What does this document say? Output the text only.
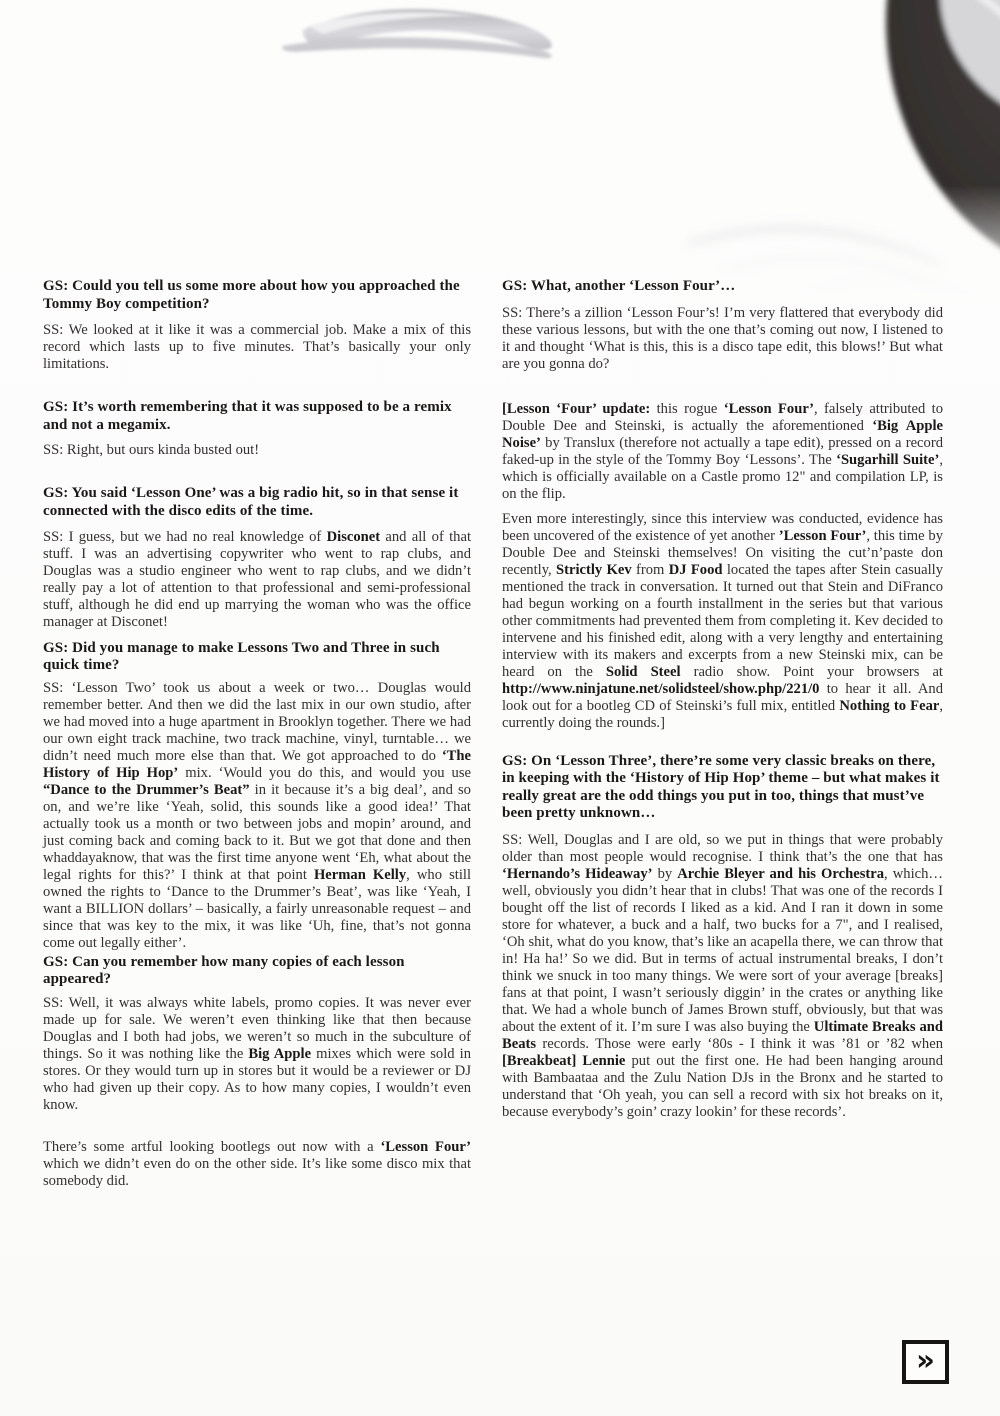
GS: Could you tell us some more about how you approached the Tommy Boy competition?

SS: We looked at it like it was a commercial job. Make a mix of this record which lasts up to five minutes. That’s basically your only limitations.

GS: It’s worth remembering that it was supposed to be a remix and not a megamix.

SS: Right, but ours kinda busted out!

GS: You said ‘Lesson One’ was a big radio hit, so in that sense it connected with the disco edits of the time.

SS: I guess, but we had no real knowledge of Disconet and all of that stuff. I was an advertising copywriter who went to rap clubs, and Douglas was a studio engineer who went to rap clubs, and we didn’t really pay a lot of attention to that professional and semi-professional stuff, although he did end up marrying the woman who was the office manager at Disconet!

GS: Did you manage to make Lessons Two and Three in such quick time?

SS: ‘Lesson Two’ took us about a week or two… Douglas would remember better. And then we did the last mix in our own studio, after we had moved into a huge apartment in Brooklyn together. There we had our own eight track machine, two track machine, vinyl, turntable… we didn’t need much more else than that. We got approached to do ‘The History of Hip Hop’ mix. ‘Would you do this, and would you use “Dance to the Drummer’s Beat” in it because it’s a big deal’, and so on, and we’re like ‘Yeah, solid, this sounds like a good idea!’ That actually took us a month or two between jobs and mopin’ around, and just coming back and coming back to it. But we got that done and then whaddayaknow, that was the first time anyone went ‘Eh, what about the legal rights for this?’ I think at that point Herman Kelly, who still owned the rights to ‘Dance to the Drummer’s Beat’, was like ‘Yeah, I want a BILLION dollars’ – basically, a fairly unreasonable request – and since that was key to the mix, it was like ‘Uh, fine, that’s not gonna come out legally either’.

GS: Can you remember how many copies of each lesson appeared?

SS: Well, it was always white labels, promo copies. It was never ever made up for sale. We weren’t even thinking like that then because Douglas and I both had jobs, we weren’t so much in the subculture of things. So it was nothing like the Big Apple mixes which were sold in stores. Or they would turn up in stores but it would be a reviewer or DJ who had given up their copy. As to how many copies, I wouldn’t even know.

There’s some artful looking bootlegs out now with a ‘Lesson Four’ which we didn’t even do on the other side. It’s like some disco mix that somebody did.

GS: What, another ‘Lesson Four’…

SS: There’s a zillion ‘Lesson Four’s! I’m very flattered that everybody did these various lessons, but with the one that’s coming out now, I listened to it and thought ‘What is this, this is a disco tape edit, this blows!’ But what are you gonna do?

[Lesson ‘Four’ update: this rogue ‘Lesson Four’, falsely attributed to Double Dee and Steinski, is actually the aforementioned ‘Big Apple Noise’ by Translux (therefore not actually a tape edit), pressed on a record faked-up in the style of the Tommy Boy ‘Lessons’. The ‘Sugarhill Suite’, which is officially available on a Castle promo 12" and compilation LP, is on the flip.

Even more interestingly, since this interview was conducted, evidence has been uncovered of the existence of yet another ’Lesson Four’, this time by Double Dee and Steinski themselves! On visiting the cut’n’paste don recently, Strictly Kev from DJ Food located the tapes after Stein casually mentioned the track in conversation. It turned out that Stein and DiFranco had begun working on a fourth installment in the series but that various other commitments had prevented them from completing it. Kev decided to intervene and his finished edit, along with a very lengthy and entertaining interview with its makers and excerpts from a new Steinski mix, can be heard on the Solid Steel radio show. Point your browsers at http://www.ninjatune.net/solidsteel/show.php/221/0 to hear it all. And look out for a bootleg CD of Steinski’s full mix, entitled Nothing to Fear, currently doing the rounds.]

GS: On ‘Lesson Three’, there’re some very classic breaks on there, in keeping with the ‘History of Hip Hop’ theme – but what makes it really great are the odd things you put in too, things that must’ve been pretty unknown…

SS: Well, Douglas and I are old, so we put in things that were probably older than most people would recognise. I think that’s the one that has ‘Hernando’s Hideaway’ by Archie Bleyer and his Orchestra, which… well, obviously you didn’t hear that in clubs! That was one of the records I bought off the list of records I liked as a kid. And I ran it down in some store for whatever, a buck and a half, two bucks for a 7", and I realised, ‘Oh shit, what do you know, that’s like an acapella there, we can throw that in! Ha ha!’ So we did. But in terms of actual instrumental breaks, I don’t think we snuck in too many things. We were sort of your average [breaks] fans at that point, I wasn’t seriously diggin’ in the crates or anything like that. We had a whole bunch of James Brown stuff, obviously, but that was about the extent of it. I’m sure I was also buying the Ultimate Breaks and Beats records. Those were early ‘80s - I think it was ’81 or ’82 when [Breakbeat] Lennie put out the first one. He had been hanging around with Bambaataa and the Zulu Nation DJs in the Bronx and he started to understand that ‘Oh yeah, you can sell a record with six hot breaks on it, because everybody’s goin’ crazy lookin’ for these records’.

»
